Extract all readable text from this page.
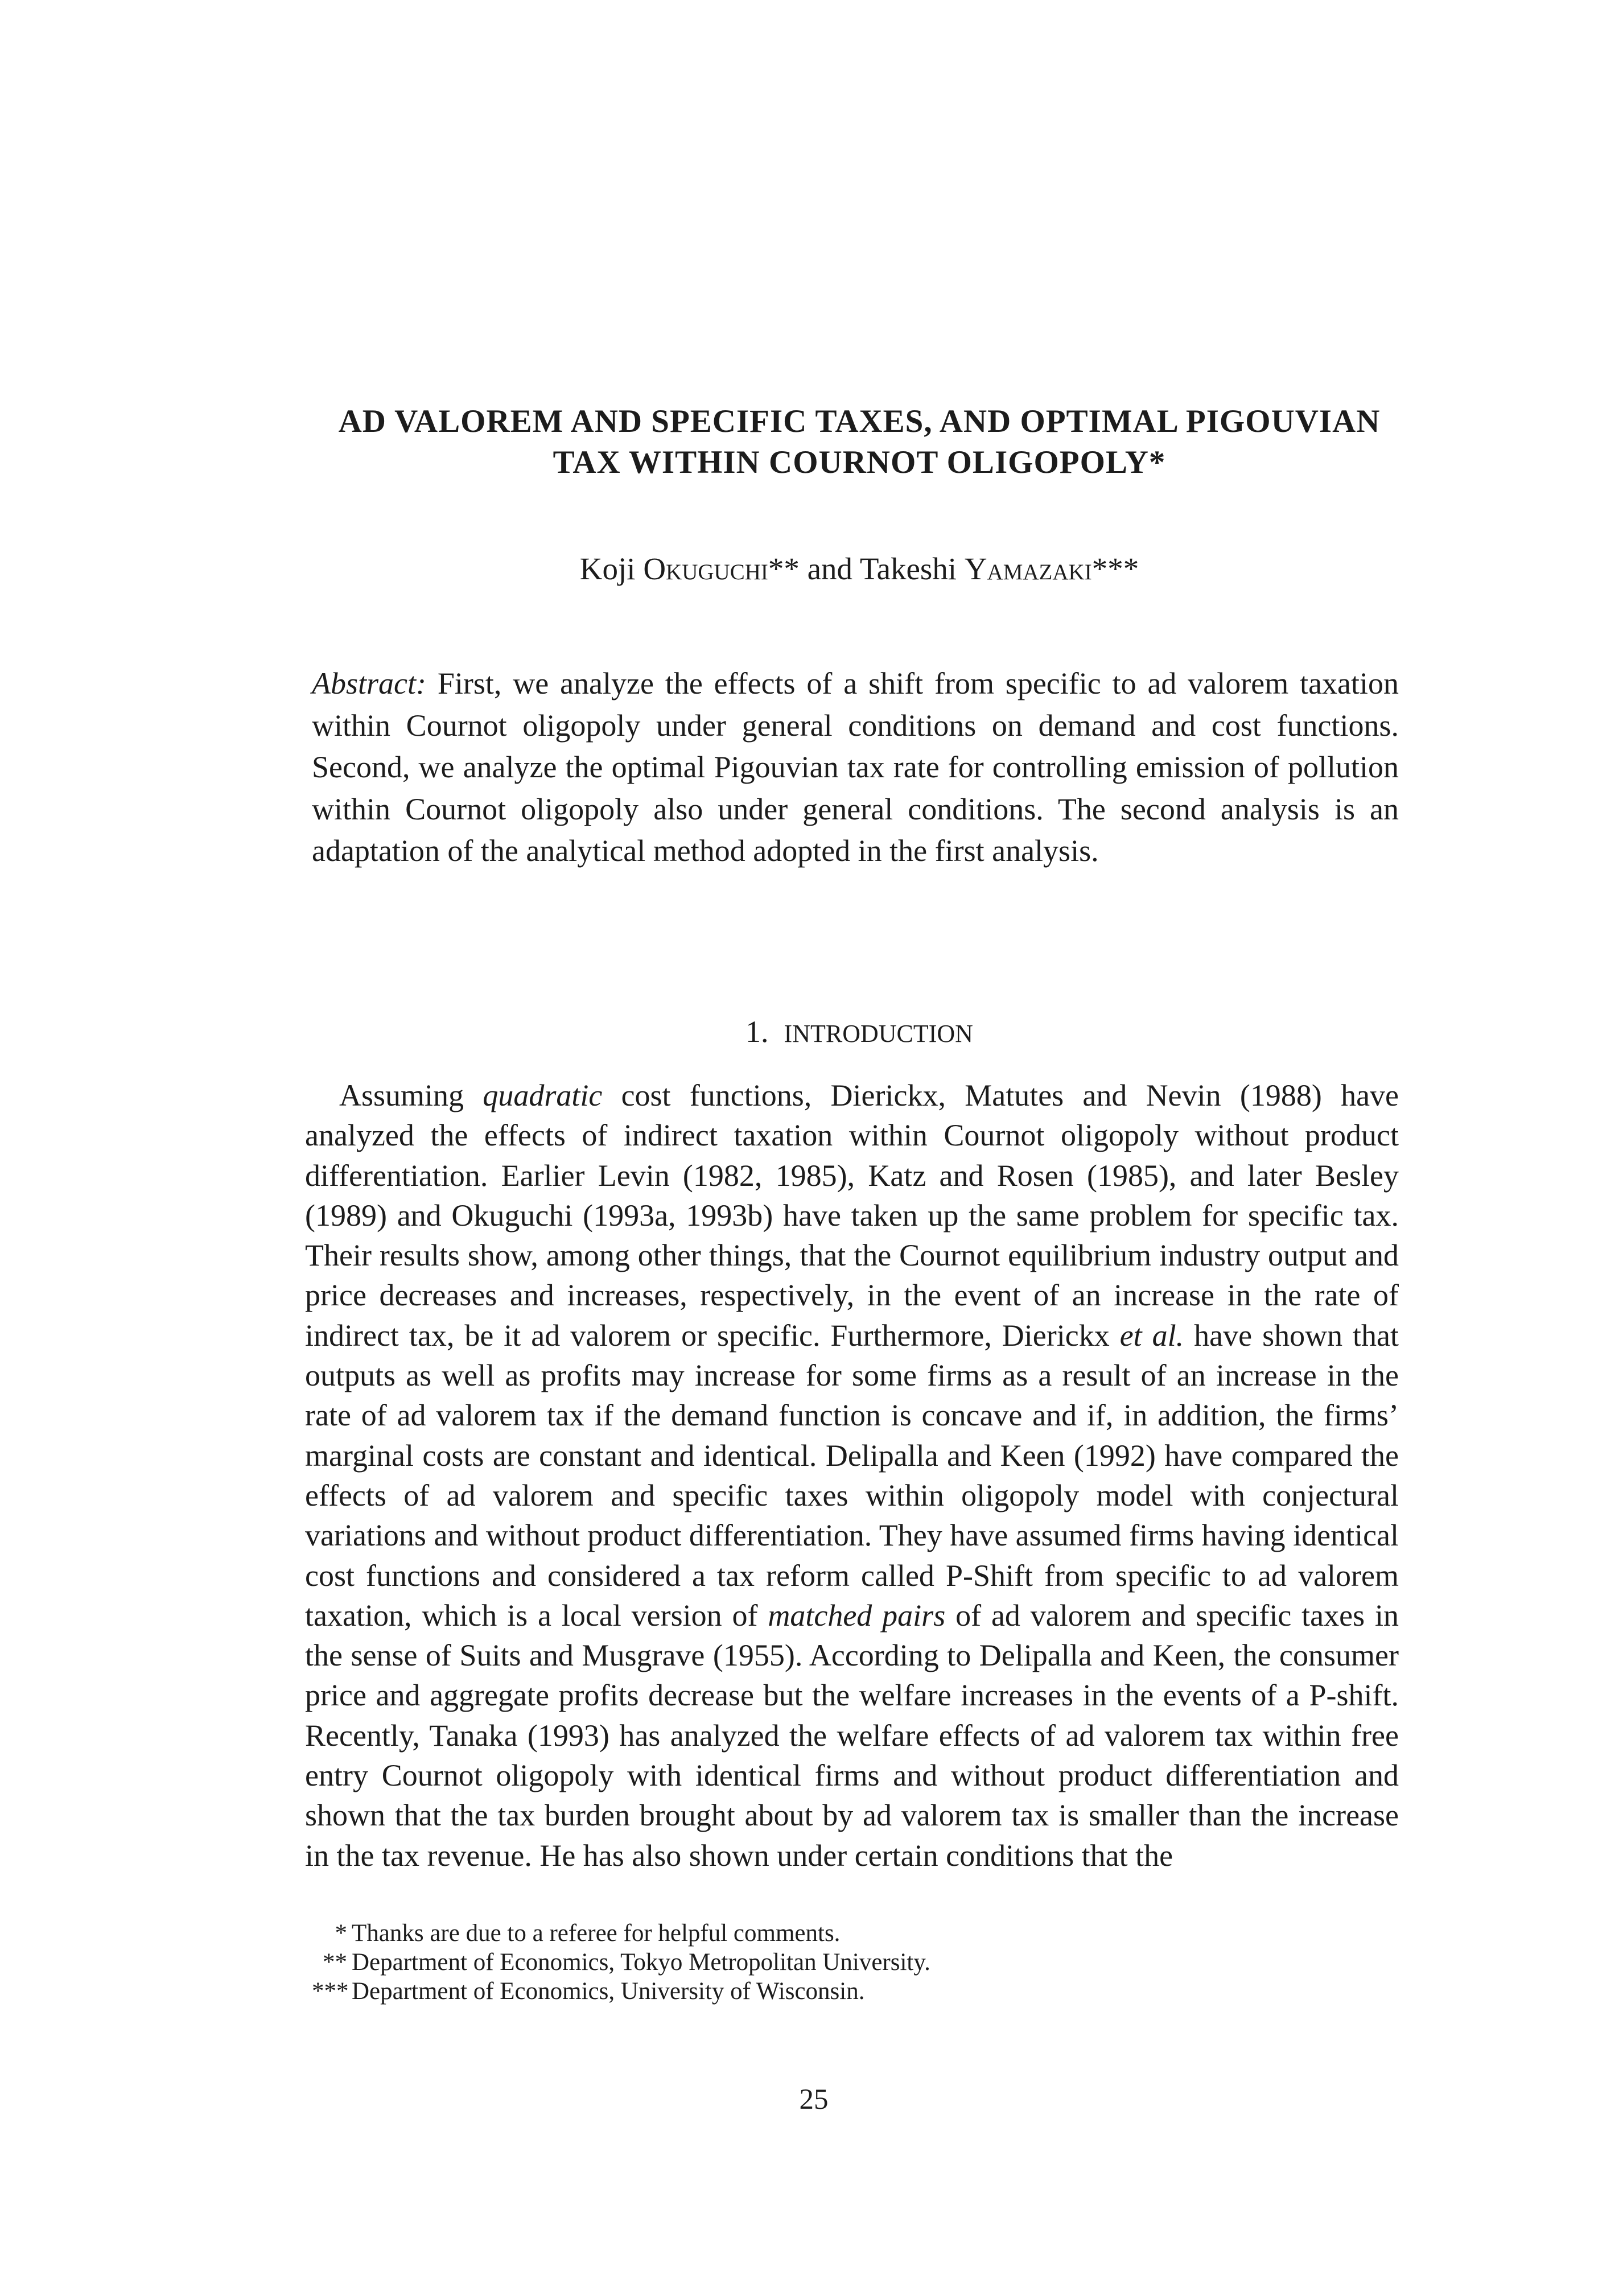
AD VALOREM AND SPECIFIC TAXES, AND OPTIMAL PIGOUVIAN
TAX WITHIN COURNOT OLIGOPOLY*
Koji Okuguchi** and Takeshi Yamazaki***
Abstract: First, we analyze the effects of a shift from specific to ad valorem taxation within Cournot oligopoly under general conditions on demand and cost functions. Second, we analyze the optimal Pigouvian tax rate for controlling emission of pollution within Cournot oligopoly also under general conditions. The second analysis is an adaptation of the analytical method adopted in the first analysis.
1. INTRODUCTION
Assuming quadratic cost functions, Dierickx, Matutes and Nevin (1988) have analyzed the effects of indirect taxation within Cournot oligopoly without product differentiation. Earlier Levin (1982, 1985), Katz and Rosen (1985), and later Besley (1989) and Okuguchi (1993a, 1993b) have taken up the same problem for specific tax. Their results show, among other things, that the Cournot equilibrium industry output and price decreases and increases, respectively, in the event of an increase in the rate of indirect tax, be it ad valorem or specific. Furthermore, Dierickx et al. have shown that outputs as well as profits may increase for some firms as a result of an increase in the rate of ad valorem tax if the demand function is concave and if, in addition, the firms’ marginal costs are constant and identical. Delipalla and Keen (1992) have compared the effects of ad valorem and specific taxes within oligopoly model with conjectural variations and without product differentiation. They have assumed firms having identical cost functions and considered a tax reform called P-Shift from specific to ad valorem taxation, which is a local version of matched pairs of ad valorem and specific taxes in the sense of Suits and Musgrave (1955). According to Delipalla and Keen, the consumer price and aggregate profits decrease but the welfare increases in the events of a P-shift. Recently, Tanaka (1993) has analyzed the welfare effects of ad valorem tax within free entry Cournot oligopoly with identical firms and without product differentiation and shown that the tax burden brought about by ad valorem tax is smaller than the increase in the tax revenue. He has also shown under certain conditions that the
* Thanks are due to a referee for helpful comments.
** Department of Economics, Tokyo Metropolitan University.
*** Department of Economics, University of Wisconsin.
25
